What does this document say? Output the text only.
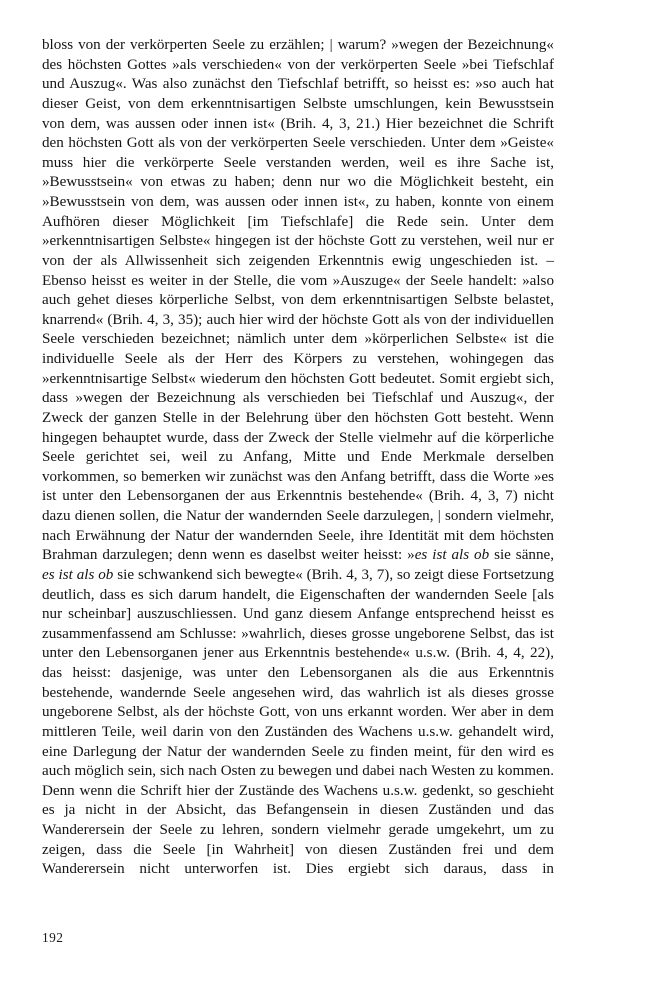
bloss von der verkörperten Seele zu erzählen; | warum? »wegen der Bezeichnung« des höchsten Gottes »als verschieden« von der verkörperten Seele »bei Tiefschlaf und Auszug«. Was also zunächst den Tiefschlaf betrifft, so heisst es: »so auch hat dieser Geist, von dem erkenntnisartigen Selbste umschlungen, kein Bewusstsein von dem, was aussen oder innen ist« (Brih. 4, 3, 21.) Hier bezeichnet die Schrift den höchsten Gott als von der verkörperten Seele verschieden. Unter dem »Geiste« muss hier die verkörperte Seele verstanden werden, weil es ihre Sache ist, »Bewusstsein« von etwas zu haben; denn nur wo die Möglichkeit besteht, ein »Bewusstsein von dem, was aussen oder innen ist«, zu haben, konnte von einem Aufhören dieser Möglichkeit [im Tiefschlafe] die Rede sein. Unter dem »erkenntnisartigen Selbste« hingegen ist der höchste Gott zu verstehen, weil nur er von der als Allwissenheit sich zeigenden Erkenntnis ewig ungeschieden ist. – Ebenso heisst es weiter in der Stelle, die vom »Auszuge« der Seele handelt: »also auch gehet dieses körperliche Selbst, von dem erkenntnisartigen Selbste belastet, knarrend« (Brih. 4, 3, 35); auch hier wird der höchste Gott als von der individuellen Seele verschieden bezeichnet; nämlich unter dem »körperlichen Selbste« ist die individuelle Seele als der Herr des Körpers zu verstehen, wohingegen das »erkenntnisartige Selbst« wiederum den höchsten Gott bedeutet. Somit ergiebt sich, dass »wegen der Bezeichnung als verschieden bei Tiefschlaf und Auszug«, der Zweck der ganzen Stelle in der Belehrung über den höchsten Gott besteht. Wenn hingegen behauptet wurde, dass der Zweck der Stelle vielmehr auf die körperliche Seele gerichtet sei, weil zu Anfang, Mitte und Ende Merkmale derselben vorkommen, so bemerken wir zunächst was den Anfang betrifft, dass die Worte »es ist unter den Lebensorganen der aus Erkenntnis bestehende« (Brih. 4, 3, 7) nicht dazu dienen sollen, die Natur der wandernden Seele darzulegen, | sondern vielmehr, nach Erwähnung der Natur der wandernden Seele, ihre Identität mit dem höchsten Brahman darzulegen; denn wenn es daselbst weiter heisst: »es ist als ob sie sänne, es ist als ob sie schwankend sich bewegte« (Brih. 4, 3, 7), so zeigt diese Fortsetzung deutlich, dass es sich darum handelt, die Eigenschaften der wandernden Seele [als nur scheinbar] auszuschliessen. Und ganz diesem Anfange entsprechend heisst es zusammenfassend am Schlusse: »wahrlich, dieses grosse ungeborene Selbst, das ist unter den Lebensorganen jener aus Erkenntnis bestehende« u.s.w. (Brih. 4, 4, 22), das heisst: dasjenige, was unter den Lebensorganen als die aus Erkenntnis bestehende, wandernde Seele angesehen wird, das wahrlich ist als dieses grosse ungeborene Selbst, als der höchste Gott, von uns erkannt worden. Wer aber in dem mittleren Teile, weil darin von den Zuständen des Wachens u.s.w. gehandelt wird, eine Darlegung der Natur der wandernden Seele zu finden meint, für den wird es auch möglich sein, sich nach Osten zu bewegen und dabei nach Westen zu kommen. Denn wenn die Schrift hier der Zustände des Wachens u.s.w. gedenkt, so geschieht es ja nicht in der Absicht, das Befangensein in diesen Zuständen und das Wanderersein der Seele zu lehren, sondern vielmehr gerade umgekehrt, um zu zeigen, dass die Seele [in Wahrheit] von diesen Zuständen frei und dem Wanderersein nicht unterworfen ist. Dies ergiebt sich daraus, dass in

192
